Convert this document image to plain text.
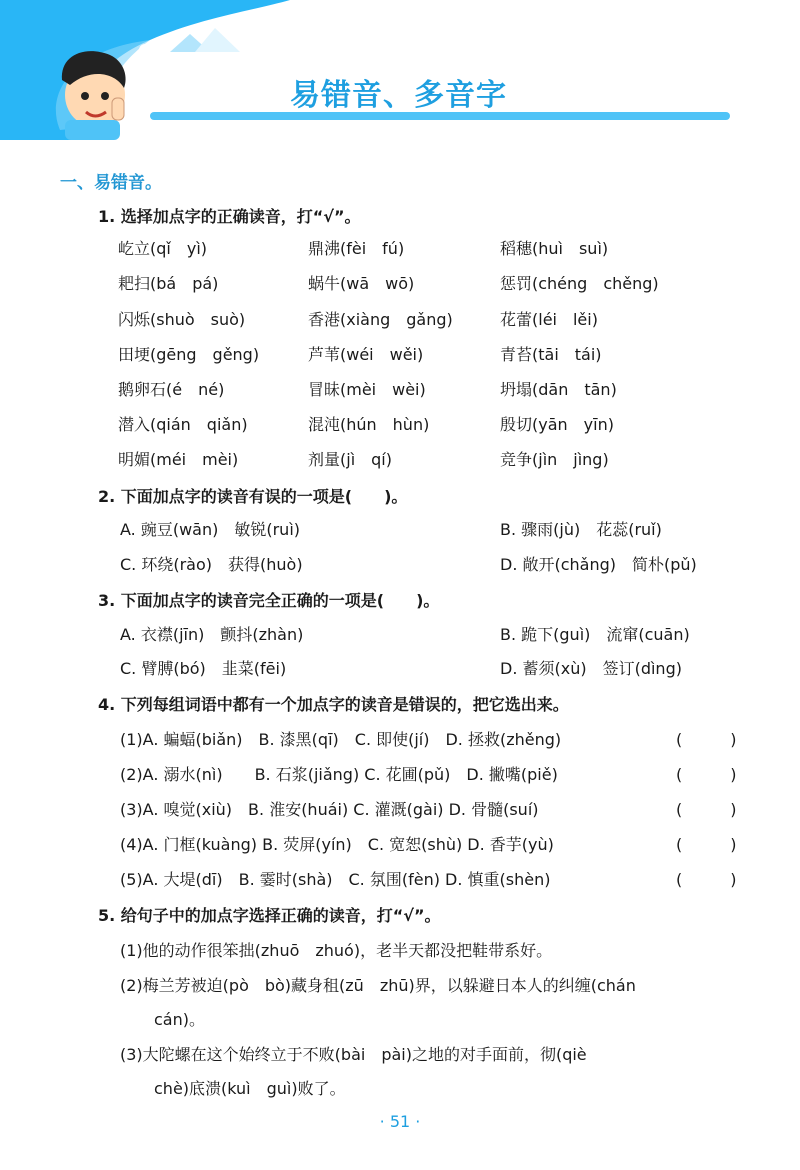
易错音、多音字
一、易错音。
1. 选择加点字的正确读音，打“√”。
屹立(qǐ　yì)	鼎沸(fèi　fú)	稻穗(huì　suì)
耙扫(bá　pá)	蜗牛(wā　wō)	惩罚(chéng　chěng)
闪烁(shuò　suò)	香港(xiàng　gǎng)	花蕾(léi　lěi)
田埂(gēng　gěng)	芦苇(wéi　wěi)	青苔(tāi　tái)
鹅卵石(é　né)	冒昧(mèi　wèi)	坍塌(dān　tān)
潜入(qián　qiǎn)	混沌(hún　hùn)	殷切(yān　yīn)
明媚(méi　mèi)	剂量(jì　qí)	竞争(jìn　jìng)
2. 下面加点字的读音有误的一项是(　　)。
A. 豌豆(wān)　敏锐(ruì)	B. 骤雨(jù)　花蕊(ruǐ)
C. 环绕(rào)　获得(huò)	D. 敞开(chǎng)　简朴(pǔ)
3. 下面加点字的读音完全正确的一项是(　　)。
A. 衣襟(jīn)　颤抖(zhàn)	B. 跪下(guì)　流窜(cuān)
C. 臂膊(bó)　韭菜(fēi)	D. 蓄须(xù)　签订(dìng)
4. 下列每组词语中都有一个加点字的读音是错误的，把它选出来。
(1)A. 蝙蝠(biǎn)　B. 漆黑(qī)　C. 即使(jí)　D. 拯救(zhěng)	(　　　)
(2)A. 溺水(nì)　　B. 石浆(jiǎng) C. 花圃(pǔ)　D. 撇嘴(piě)	(　　　)
(3)A. 嗅觉(xiù)　B. 淮安(huái) C. 灌溉(gài) D. 骨髓(suí)	(　　　)
(4)A. 门框(kuàng) B. 荧屏(yín)　C. 宽恕(shù) D. 香芋(yù)	(　　　)
(5)A. 大堤(dī)　B. 霎时(shà)　C. 氛围(fèn) D. 慎重(shèn)	(　　　)
5. 给句子中的加点字选择正确的读音，打“√”。
(1)他的动作很笨拙(zhuō　zhuó)，老半天都没把鞋带系好。
(2)梅兰芳被迫(pò　bò)藏身租(zū　zhū)界，以躲避日本人的纠缠(chán
cán)。
(3)大陀螺在这个始终立于不败(bài　pài)之地的对手面前，彻(qiè
chè)底溃(kuì　guì)败了。
· 51 ·
